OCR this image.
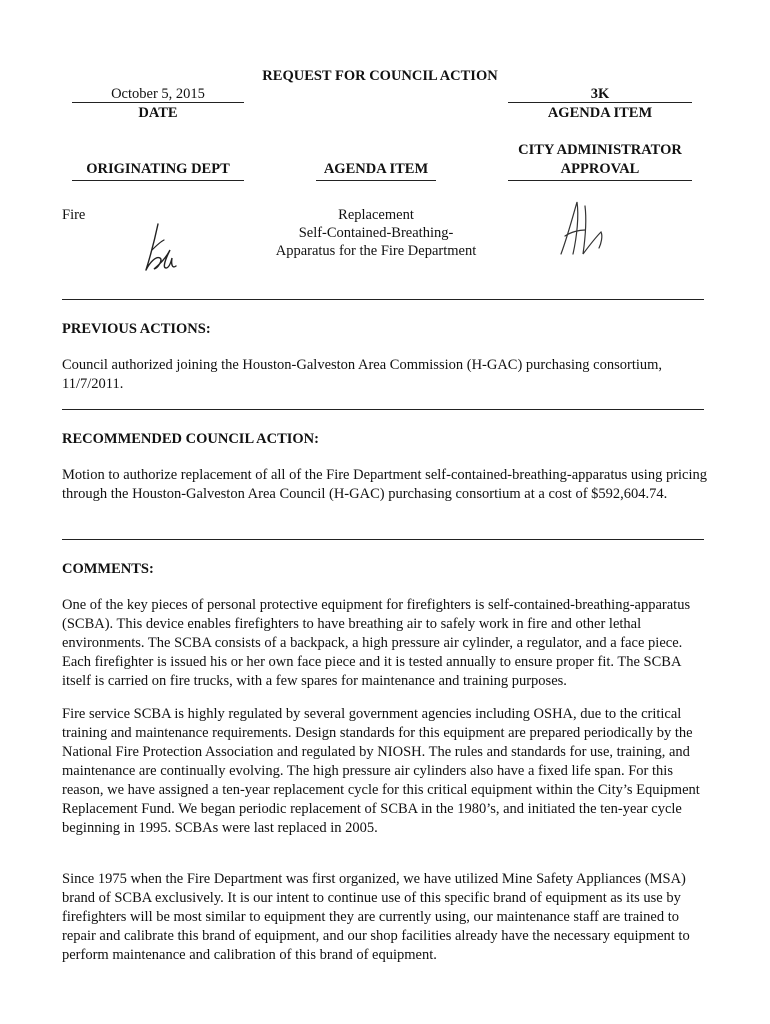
REQUEST FOR COUNCIL ACTION
October 5, 2015
DATE
3K
AGENDA ITEM
ORIGINATING DEPT	AGENDA ITEM
CITY ADMINISTRATOR
APPROVAL
Fire	Replacement
Self-Contained-Breathing-
Apparatus for the Fire Department
PREVIOUS ACTIONS:
Council authorized joining the Houston-Galveston Area Commission (H-GAC) purchasing consortium, 11/7/2011.
RECOMMENDED COUNCIL ACTION:
Motion to authorize replacement of all of the Fire Department self-contained-breathing-apparatus using pricing through the Houston-Galveston Area Council (H-GAC) purchasing consortium at a cost of $592,604.74.
COMMENTS:
One of the key pieces of personal protective equipment for firefighters is self-contained-breathing-apparatus (SCBA). This device enables firefighters to have breathing air to safely work in fire and other lethal environments. The SCBA consists of a backpack, a high pressure air cylinder, a regulator, and a face piece. Each firefighter is issued his or her own face piece and it is tested annually to ensure proper fit. The SCBA itself is carried on fire trucks, with a few spares for maintenance and training purposes.
Fire service SCBA is highly regulated by several government agencies including OSHA, due to the critical training and maintenance requirements. Design standards for this equipment are prepared periodically by the National Fire Protection Association and regulated by NIOSH. The rules and standards for use, training, and maintenance are continually evolving. The high pressure air cylinders also have a fixed life span. For this reason, we have assigned a ten-year replacement cycle for this critical equipment within the City’s Equipment Replacement Fund. We began periodic replacement of SCBA in the 1980’s, and initiated the ten-year cycle beginning in 1995. SCBAs were last replaced in 2005.
Since 1975 when the Fire Department was first organized, we have utilized Mine Safety Appliances (MSA) brand of SCBA exclusively. It is our intent to continue use of this specific brand of equipment as its use by firefighters will be most similar to equipment they are currently using, our maintenance staff are trained to repair and calibrate this brand of equipment, and our shop facilities already have the necessary equipment to perform maintenance and calibration of this brand of equipment.
